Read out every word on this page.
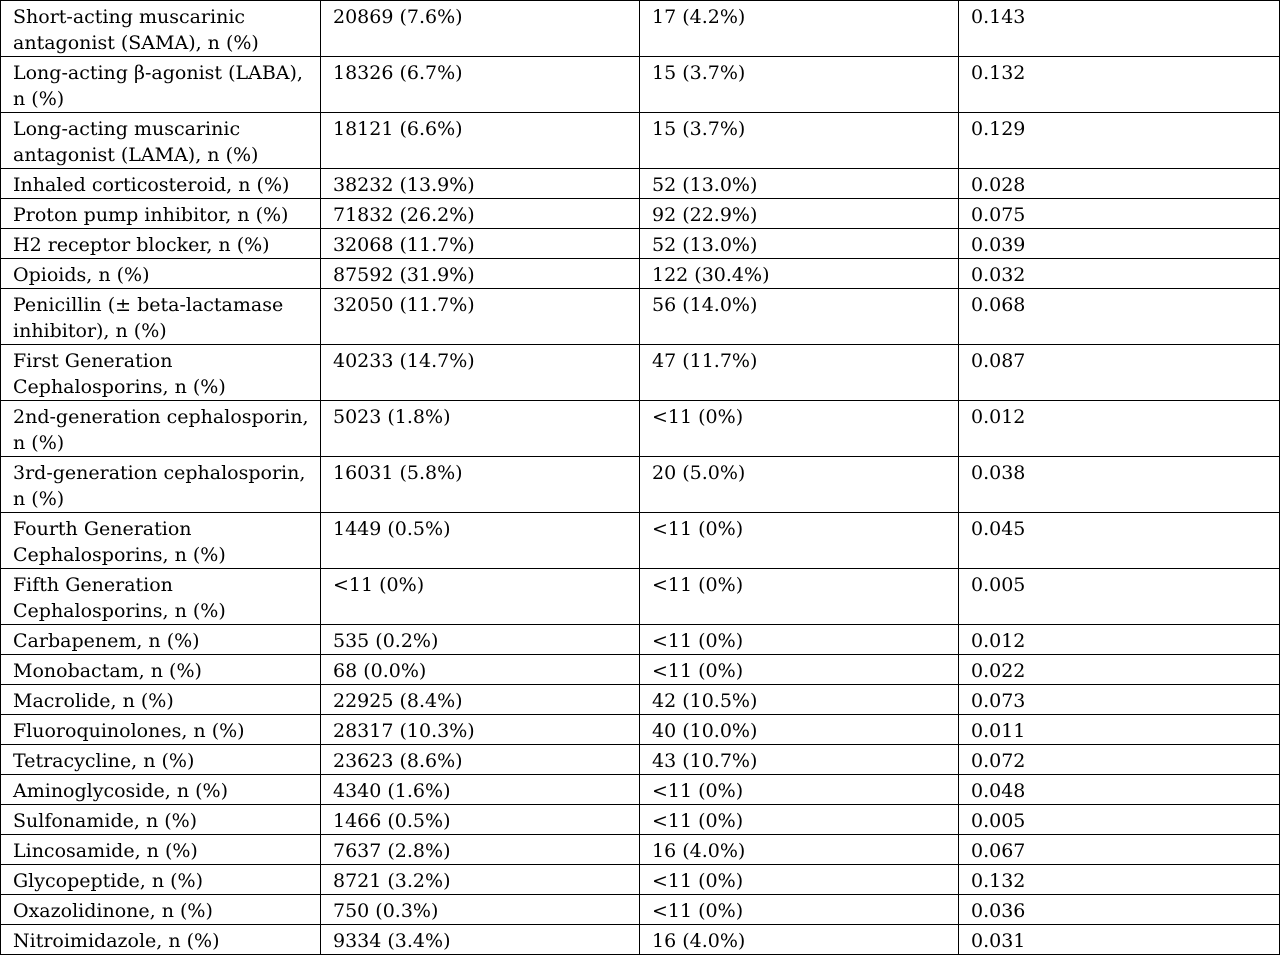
Short-acting muscarinic antagonist (SAMA), n (%)	20869 (7.6%)	17 (4.2%)	0.143
Long-acting β-agonist (LABA), n (%)	18326 (6.7%)	15 (3.7%)	0.132
Long-acting muscarinic antagonist (LAMA), n (%)	18121 (6.6%)	15 (3.7%)	0.129
Inhaled corticosteroid, n (%)	38232 (13.9%)	52 (13.0%)	0.028
Proton pump inhibitor, n (%)	71832 (26.2%)	92 (22.9%)	0.075
H2 receptor blocker, n (%)	32068 (11.7%)	52 (13.0%)	0.039
Opioids, n (%)	87592 (31.9%)	122 (30.4%)	0.032
Penicillin (± beta-lactamase inhibitor), n (%)	32050 (11.7%)	56 (14.0%)	0.068
First Generation Cephalosporins, n (%)	40233 (14.7%)	47 (11.7%)	0.087
2nd-generation cephalosporin, n (%)	5023 (1.8%)	<11 (0%)	0.012
3rd-generation cephalosporin, n (%)	16031 (5.8%)	20 (5.0%)	0.038
Fourth Generation Cephalosporins, n (%)	1449 (0.5%)	<11 (0%)	0.045
Fifth Generation Cephalosporins, n (%)	<11 (0%)	<11 (0%)	0.005
Carbapenem, n (%)	535 (0.2%)	<11 (0%)	0.012
Monobactam, n (%)	68 (0.0%)	<11 (0%)	0.022
Macrolide, n (%)	22925 (8.4%)	42 (10.5%)	0.073
Fluoroquinolones, n (%)	28317 (10.3%)	40 (10.0%)	0.011
Tetracycline, n (%)	23623 (8.6%)	43 (10.7%)	0.072
Aminoglycoside, n (%)	4340 (1.6%)	<11 (0%)	0.048
Sulfonamide, n (%)	1466 (0.5%)	<11 (0%)	0.005
Lincosamide, n (%)	7637 (2.8%)	16 (4.0%)	0.067
Glycopeptide, n (%)	8721 (3.2%)	<11 (0%)	0.132
Oxazolidinone, n (%)	750 (0.3%)	<11 (0%)	0.036
Nitroimidazole, n (%)	9334 (3.4%)	16 (4.0%)	0.031
